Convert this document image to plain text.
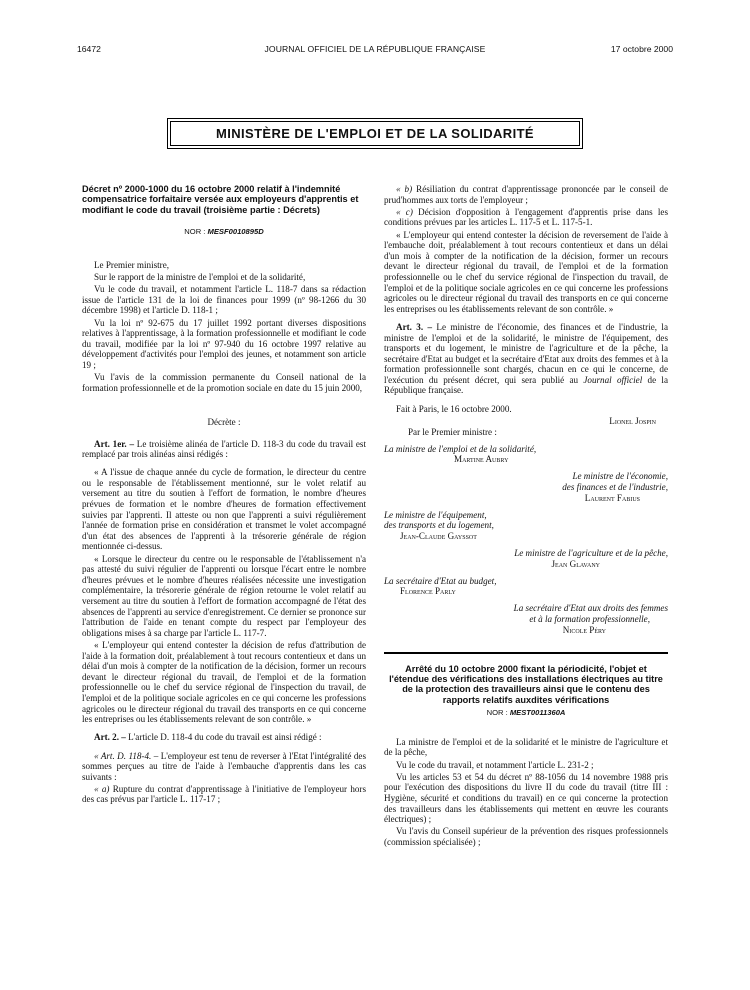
JOURNAL OFFICIEL DE LA RÉPUBLIQUE FRANÇAISE
16472	17 octobre 2000
MINISTÈRE DE L'EMPLOI ET DE LA SOLIDARITÉ
Décret nº 2000-1000 du 16 octobre 2000 relatif à l'indemnité compensatrice forfaitaire versée aux employeurs d'apprentis et modifiant le code du travail (troisième partie : Décrets)
NOR : MESF0010895D

Le Premier ministre,

Sur le rapport de la ministre de l'emploi et de la solidarité,

Vu le code du travail, et notamment l'article L. 118-7 dans sa rédaction issue de l'article 131 de la loi de finances pour 1999 (nº 98-1266 du 30 décembre 1998) et l'article D. 118-1 ;

Vu la loi nº 92-675 du 17 juillet 1992 portant diverses dispositions relatives à l'apprentissage, à la formation professionnelle et modifiant le code du travail, modifiée par la loi nº 97-940 du 16 octobre 1997 relative au développement d'activités pour l'emploi des jeunes, et notamment son article 19 ;

Vu l'avis de la commission permanente du Conseil national de la formation professionnelle et de la promotion sociale en date du 15 juin 2000,

Décrète :

Art. 1er. – Le troisième alinéa de l'article D. 118-3 du code du travail est remplacé par trois alinéas ainsi rédigés :

« A l'issue de chaque année du cycle de formation, le directeur du centre ou le responsable de l'établissement mentionné, sur le volet relatif au versement au titre du soutien à l'effort de formation, le nombre d'heures prévues de formation et le nombre d'heures de formation effectivement suivies par l'apprenti. Il atteste ou non que l'apprenti a suivi régulièrement l'année de formation prise en considération et transmet le volet accompagné d'un état des absences de l'apprenti à la trésorerie générale de région mentionnée ci-dessus.

« Lorsque le directeur du centre ou le responsable de l'établissement n'a pas attesté du suivi régulier de l'apprenti ou lorsque l'écart entre le nombre d'heures prévues et le nombre d'heures réalisées nécessite une investigation complémentaire, la trésorerie générale de région retourne le volet relatif au versement au titre du soutien à l'effort de formation accompagné de l'état des absences de l'apprenti au service d'enregistrement. Ce dernier se prononce sur l'attribution de l'aide en tenant compte du respect par l'employeur des obligations mises à sa charge par l'article L. 117-7.

« L'employeur qui entend contester la décision de refus d'attribution de l'aide à la formation doit, préalablement à tout recours contentieux et dans un délai d'un mois à compter de la notification de la décision, former un recours devant le directeur régional du travail, de l'emploi et de la formation professionnelle ou le chef du service régional de l'inspection du travail, de l'emploi et de la politique sociale agricoles en ce qui concerne les professions agricoles ou le directeur régional du travail des transports en ce qui concerne les entreprises ou les établissements relevant de son contrôle. »

Art. 2. – L'article D. 118-4 du code du travail est ainsi rédigé :

« Art. D. 118-4. – L'employeur est tenu de reverser à l'Etat l'intégralité des sommes perçues au titre de l'aide à l'embauche d'apprentis dans les cas suivants :

« a) Rupture du contrat d'apprentissage à l'initiative de l'employeur hors des cas prévus par l'article L. 117-17 ;

« b) Résiliation du contrat d'apprentissage prononcée par le conseil de prud'hommes aux torts de l'employeur ;

« c) Décision d'opposition à l'engagement d'apprentis prise dans les conditions prévues par les articles L. 117-5 et L. 117-5-1.

« L'employeur qui entend contester la décision de reversement de l'aide à l'embauche doit, préalablement à tout recours contentieux et dans un délai d'un mois à compter de la notification de la décision, former un recours devant le directeur régional du travail, de l'emploi et de la formation professionnelle ou le chef du service régional de l'inspection du travail, de l'emploi et de la politique sociale agricoles en ce qui concerne les professions agricoles ou le directeur régional du travail des transports en ce qui concerne les entreprises ou les établissements relevant de son contrôle. »

Art. 3. – Le ministre de l'économie, des finances et de l'industrie, la ministre de l'emploi et de la solidarité, le ministre de l'équipement, des transports et du logement, le ministre de l'agriculture et de la pêche, la secrétaire d'Etat au budget et la secrétaire d'Etat aux droits des femmes et à la formation professionnelle sont chargés, chacun en ce qui le concerne, de l'exécution du présent décret, qui sera publié au Journal officiel de la République française.

Fait à Paris, le 16 octobre 2000.

Lionel Jospin

Par le Premier ministre :

La ministre de l'emploi et de la solidarité,

Martine Aubry

Le ministre de l'économie,

des finances et de l'industrie,

Laurent Fabius

Le ministre de l'équipement,

des transports et du logement,

Jean-Claude Gayssot

Le ministre de l'agriculture et de la pêche,

Jean Glavany

La secrétaire d'Etat au budget,

Florence Parly

La secrétaire d'Etat aux droits des femmes

et à la formation professionnelle,

Nicole Péry

Arrêté du 10 octobre 2000 fixant la périodicité, l'objet et l'étendue des vérifications des installations électriques au titre de la protection des travailleurs ainsi que le contenu des rapports relatifs auxdites vérifications
NOR : MEST0011360A

La ministre de l'emploi et de la solidarité et le ministre de l'agriculture et de la pêche,

Vu le code du travail, et notamment l'article L. 231-2 ;

Vu les articles 53 et 54 du décret nº 88-1056 du 14 novembre 1988 pris pour l'exécution des dispositions du livre II du code du travail (titre III : Hygiène, sécurité et conditions du travail) en ce qui concerne la protection des travailleurs dans les établissements qui mettent en œuvre les courants électriques) ;

Vu l'avis du Conseil supérieur de la prévention des risques professionnels (commission spécialisée) ;
